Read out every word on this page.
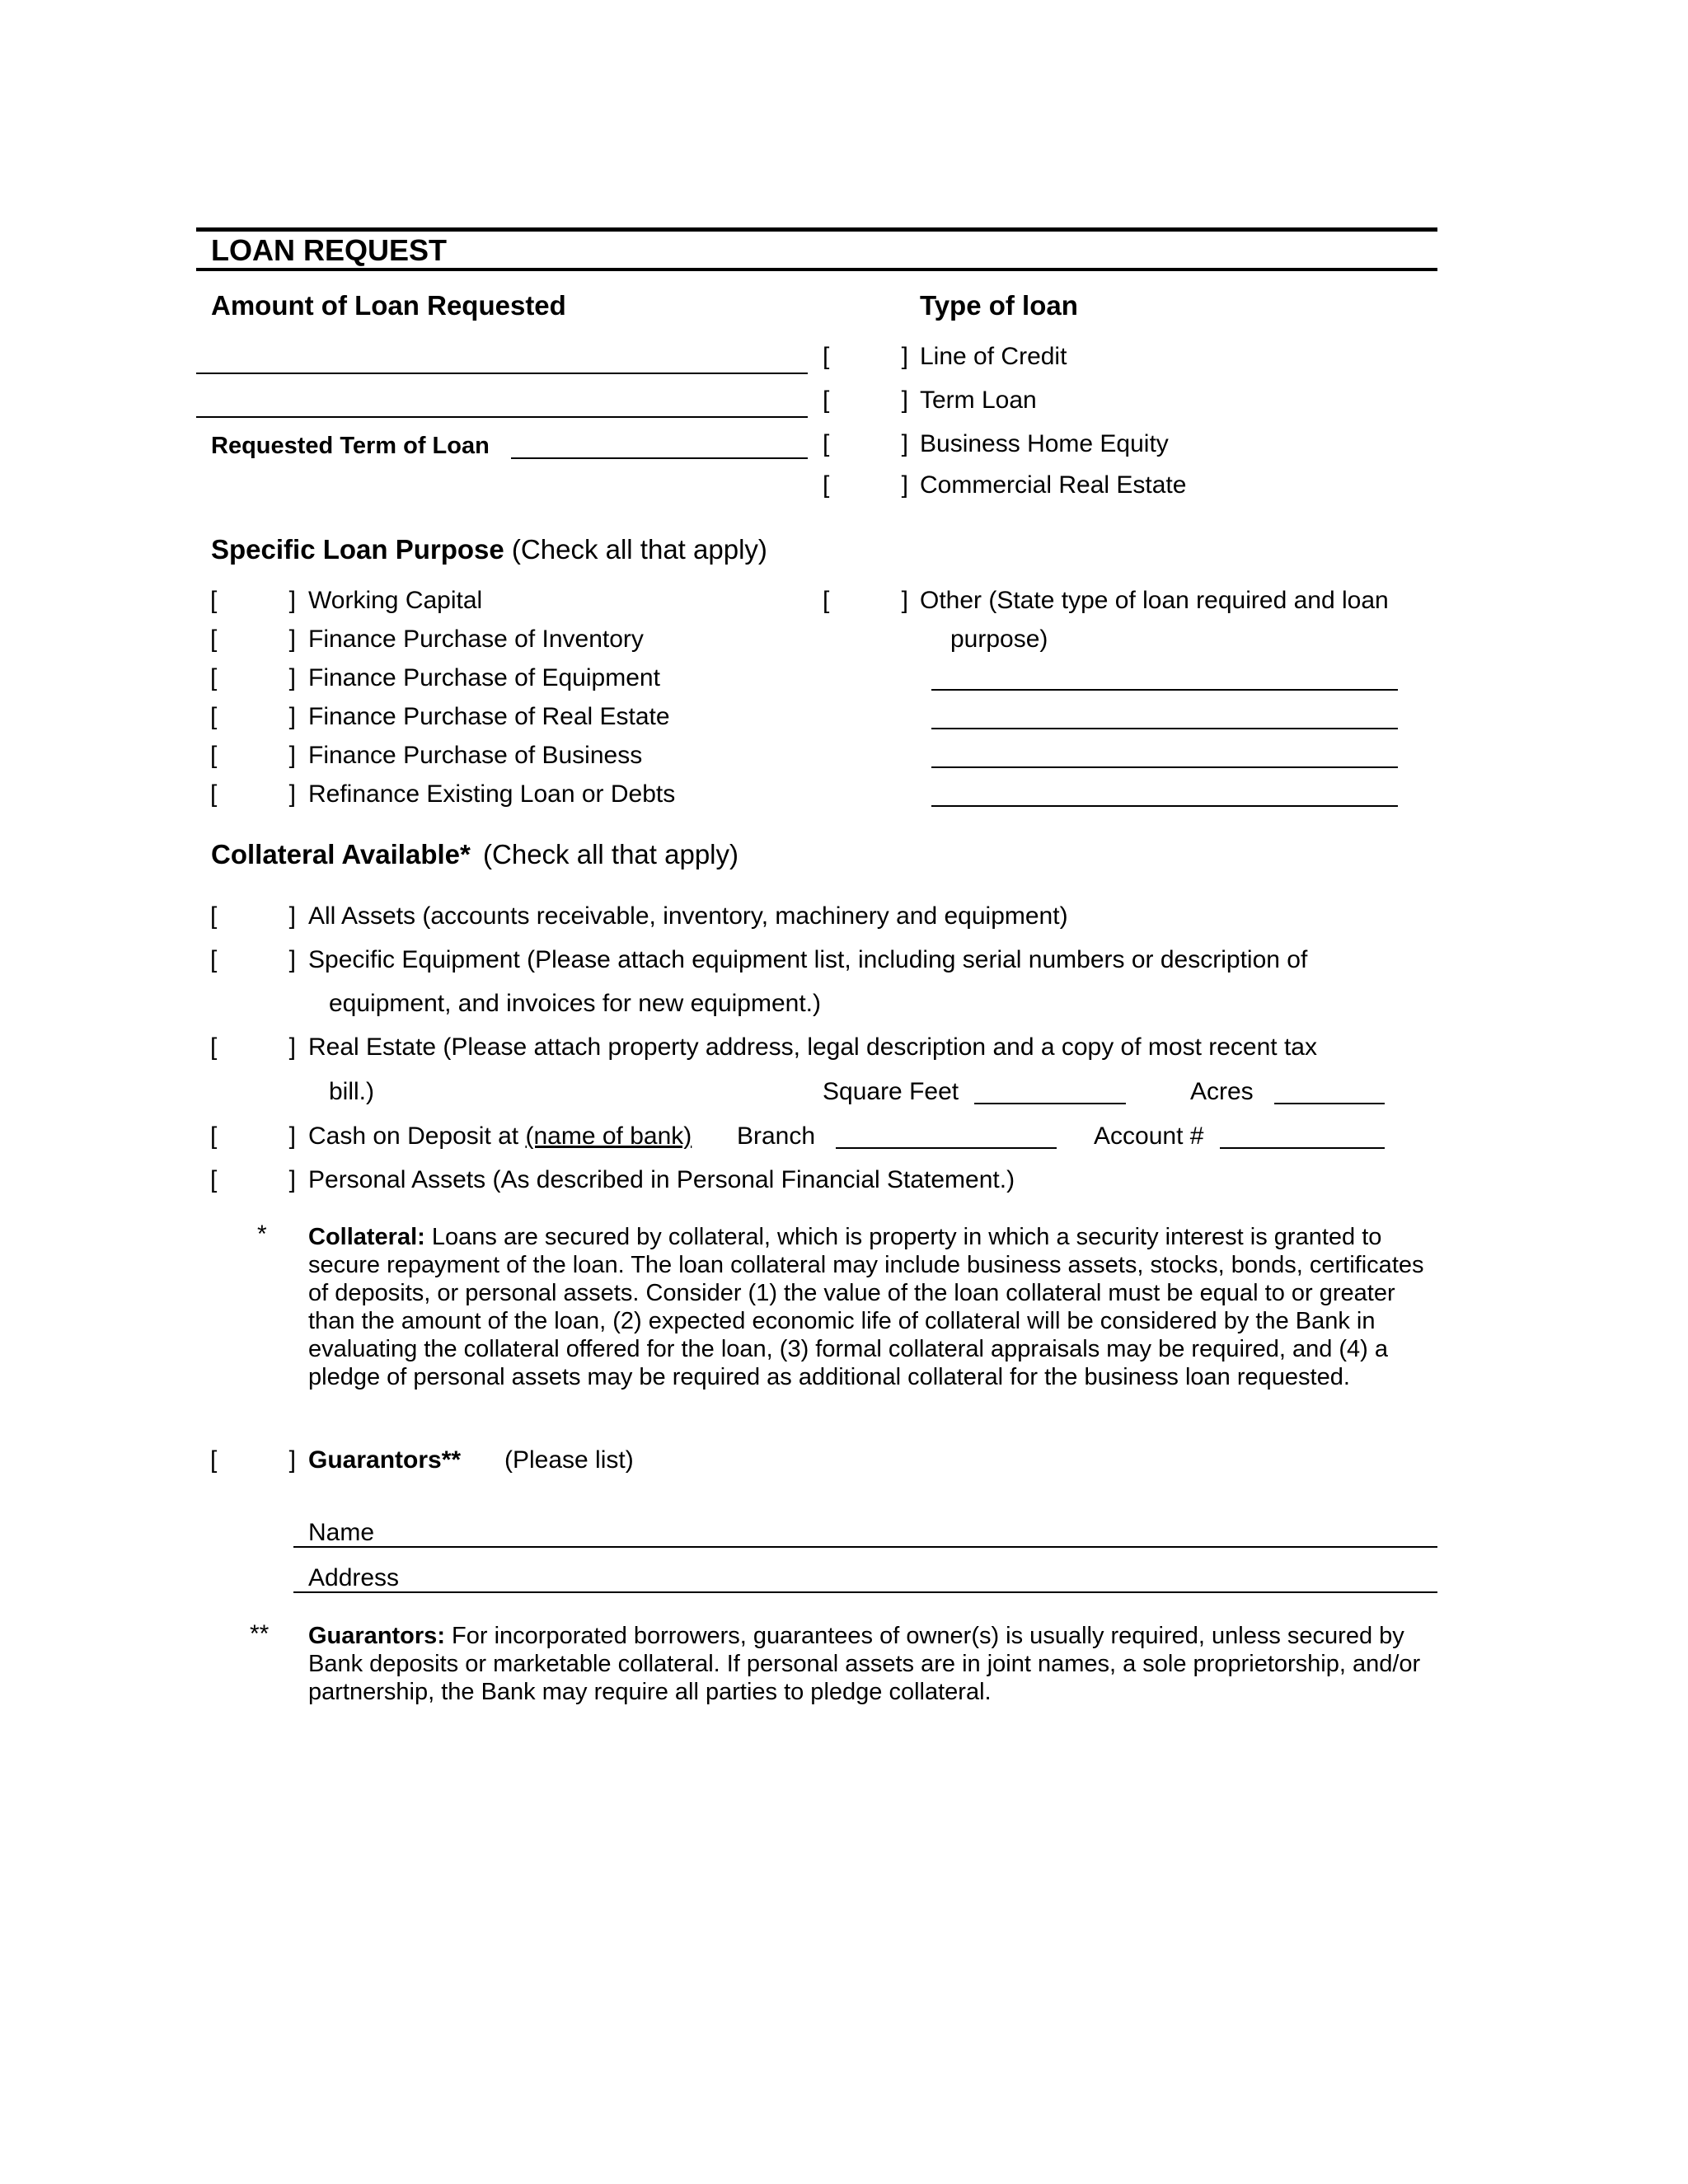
LOAN REQUEST
Amount of Loan Requested
Requested Term of Loan
Type of loan
[	] Line of Credit
[	] Term Loan
[	] Business Home Equity
[	] Commercial Real Estate
Specific Loan Purpose (Check all that apply)
[	] Working Capital
[	] Finance Purchase of Inventory
[	] Finance Purchase of Equipment
[	] Finance Purchase of Real Estate
[	] Finance Purchase of Business
[	] Refinance Existing Loan or Debts
[	] Other (State type of loan required and loan
purpose)
Collateral Available* (Check all that apply)
[	] All Assets (accounts receivable, inventory, machinery and equipment)
[	] Specific Equipment (Please attach equipment list, including serial numbers or description of
equipment, and invoices for new equipment.)
[	] Real Estate (Please attach property address, legal description and a copy of most recent tax
bill.)	Square Feet	Acres
[	] Cash on Deposit at (name of bank) Branch	Account #
[	] Personal Assets (As described in Personal Financial Statement.)
* Collateral: Loans are secured by collateral, which is property in which a security interest is granted to secure repayment of the loan. The loan collateral may include business assets, stocks, bonds, certificates of deposits, or personal assets. Consider (1) the value of the loan collateral must be equal to or greater than the amount of the loan, (2) expected economic life of collateral will be considered by the Bank in evaluating the collateral offered for the loan, (3) formal collateral appraisals may be required, and (4) a pledge of personal assets may be required as additional collateral for the business loan requested.
[	] Guarantors** (Please list)
Name
Address
** Guarantors: For incorporated borrowers, guarantees of owner(s) is usually required, unless secured by Bank deposits or marketable collateral. If personal assets are in joint names, a sole proprietorship, and/or partnership, the Bank may require all parties to pledge collateral.
